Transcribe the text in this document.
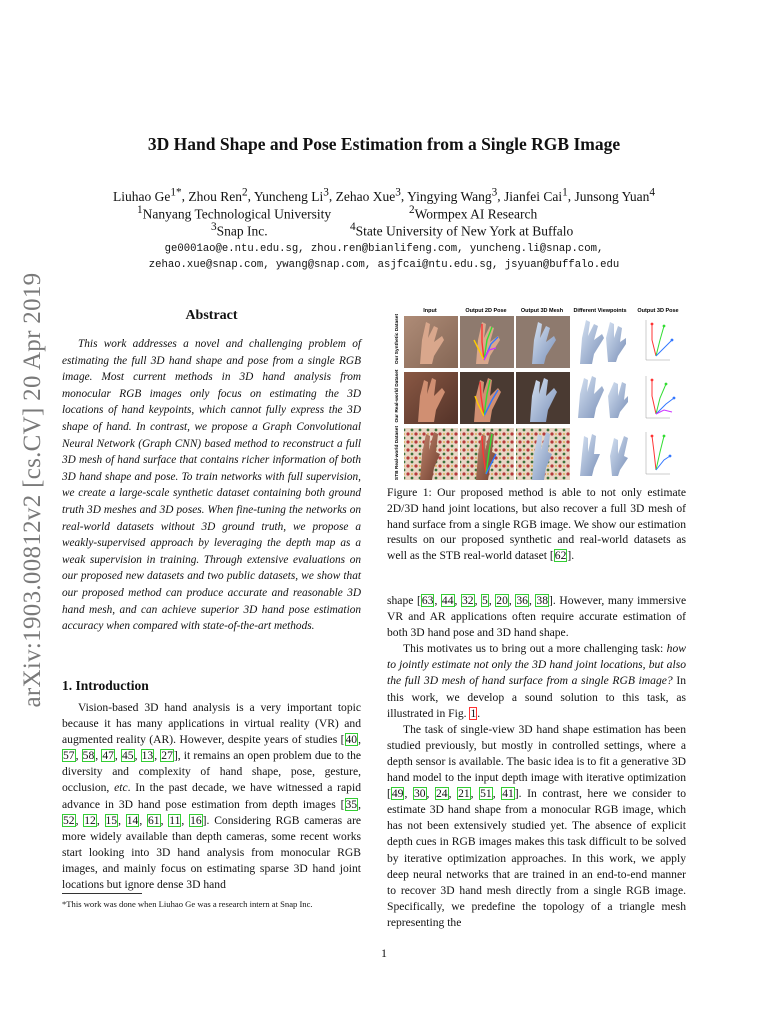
arXiv:1903.00812v2 [cs.CV] 20 Apr 2019
3D Hand Shape and Pose Estimation from a Single RGB Image
Liuhao $Ge^{1*}$, Zhou Ren$^2$, Yuncheng Li$^3$, Zehao Xue$^3$, Yingying Wang$^3$, Jianfei Cai$^1$, Junsong Yuan$^4$
$^1$Nanyang Technological University	$^2$Wormpex AI Research
$^3$Snap Inc.	$^4$State University of New York at Buffalo
ge0001ao@e.ntu.edu.sg, zhou.ren@bianlifeng.com, yuncheng.li@snap.com,
zehao.xue@snap.com, ywang@snap.com, asjfcai@ntu.edu.sg, jsyuan@buffalo.edu
Abstract
This work addresses a novel and challenging problem of estimating the full 3D hand shape and pose from a single RGB image. Most current methods in 3D hand analysis from monocular RGB images only focus on estimating the 3D locations of hand keypoints, which cannot fully express the 3D shape of hand. In contrast, we propose a Graph Convolutional Neural Network (Graph CNN) based method to reconstruct a full 3D mesh of hand surface that contains richer information of both 3D hand shape and pose. To train networks with full supervision, we create a large-scale synthetic dataset containing both ground truth 3D meshes and 3D poses. When fine-tuning the networks on real-world datasets without 3D ground truth, we propose a weakly-supervised approach by leveraging the depth map as a weak supervision in training. Through extensive evaluations on our proposed new datasets and two public datasets, we show that our proposed method can produce accurate and reasonable 3D hand mesh, and can achieve superior 3D hand pose estimation accuracy when compared with state-of-the-art methods.
1. Introduction
Vision-based 3D hand analysis is a very important topic because it has many applications in virtual reality (VR) and augmented reality (AR). However, despite years of studies [40, 57, 58, 47, 45, 13, 27], it remains an open problem due to the diversity and complexity of hand shape, pose, gesture, occlusion, etc. In the past decade, we have witnessed a rapid advance in 3D hand pose estimation from depth images [35, 52, 12, 15, 14, 61, 11, 16]. Considering RGB cameras are more widely available than depth cameras, some recent works start looking into 3D hand analysis from monocular RGB images, and mainly focus on estimating sparse 3D hand joint locations but ignore dense 3D hand
*This work was done when Liuhao Ge was a research intern at Snap Inc.
Input	Output 2D Pose	Output 3D Mesh Different Viewpoints Output 3D Pose
Our Synthetic Dataset
Our Real-world Dataset
STB Real-world Dataset
Figure 1: Our proposed method is able to not only estimate 2D/3D hand joint locations, but also recover a full 3D mesh of hand surface from a single RGB image. We show our estimation results on our proposed synthetic and real-world datasets as well as the STB real-world dataset [62].

shape [63, 44, 32, 5, 20, 36, 38]. However, many immersive VR and AR applications often require accurate estimation of both 3D hand pose and 3D hand shape.

This motivates us to bring out a more challenging task: how to jointly estimate not only the 3D hand joint locations, but also the full 3D mesh of hand surface from a single RGB image? In this work, we develop a sound solution to this task, as illustrated in Fig. 1.

The task of single-view 3D hand shape estimation has been studied previously, but mostly in controlled settings, where a depth sensor is available. The basic idea is to fit a generative 3D hand model to the input depth image with iterative optimization [49, 30, 24, 21, 51, 41]. In contrast, here we consider to estimate 3D hand shape from a monocular RGB image, which has not been extensively studied yet. The absence of explicit depth cues in RGB images makes this task difficult to be solved by iterative optimization approaches. In this work, we apply deep neural networks that are trained in an end-to-end manner to recover 3D hand mesh directly from a single RGB image. Specifically, we predefine the topology of a triangle mesh representing the

1
